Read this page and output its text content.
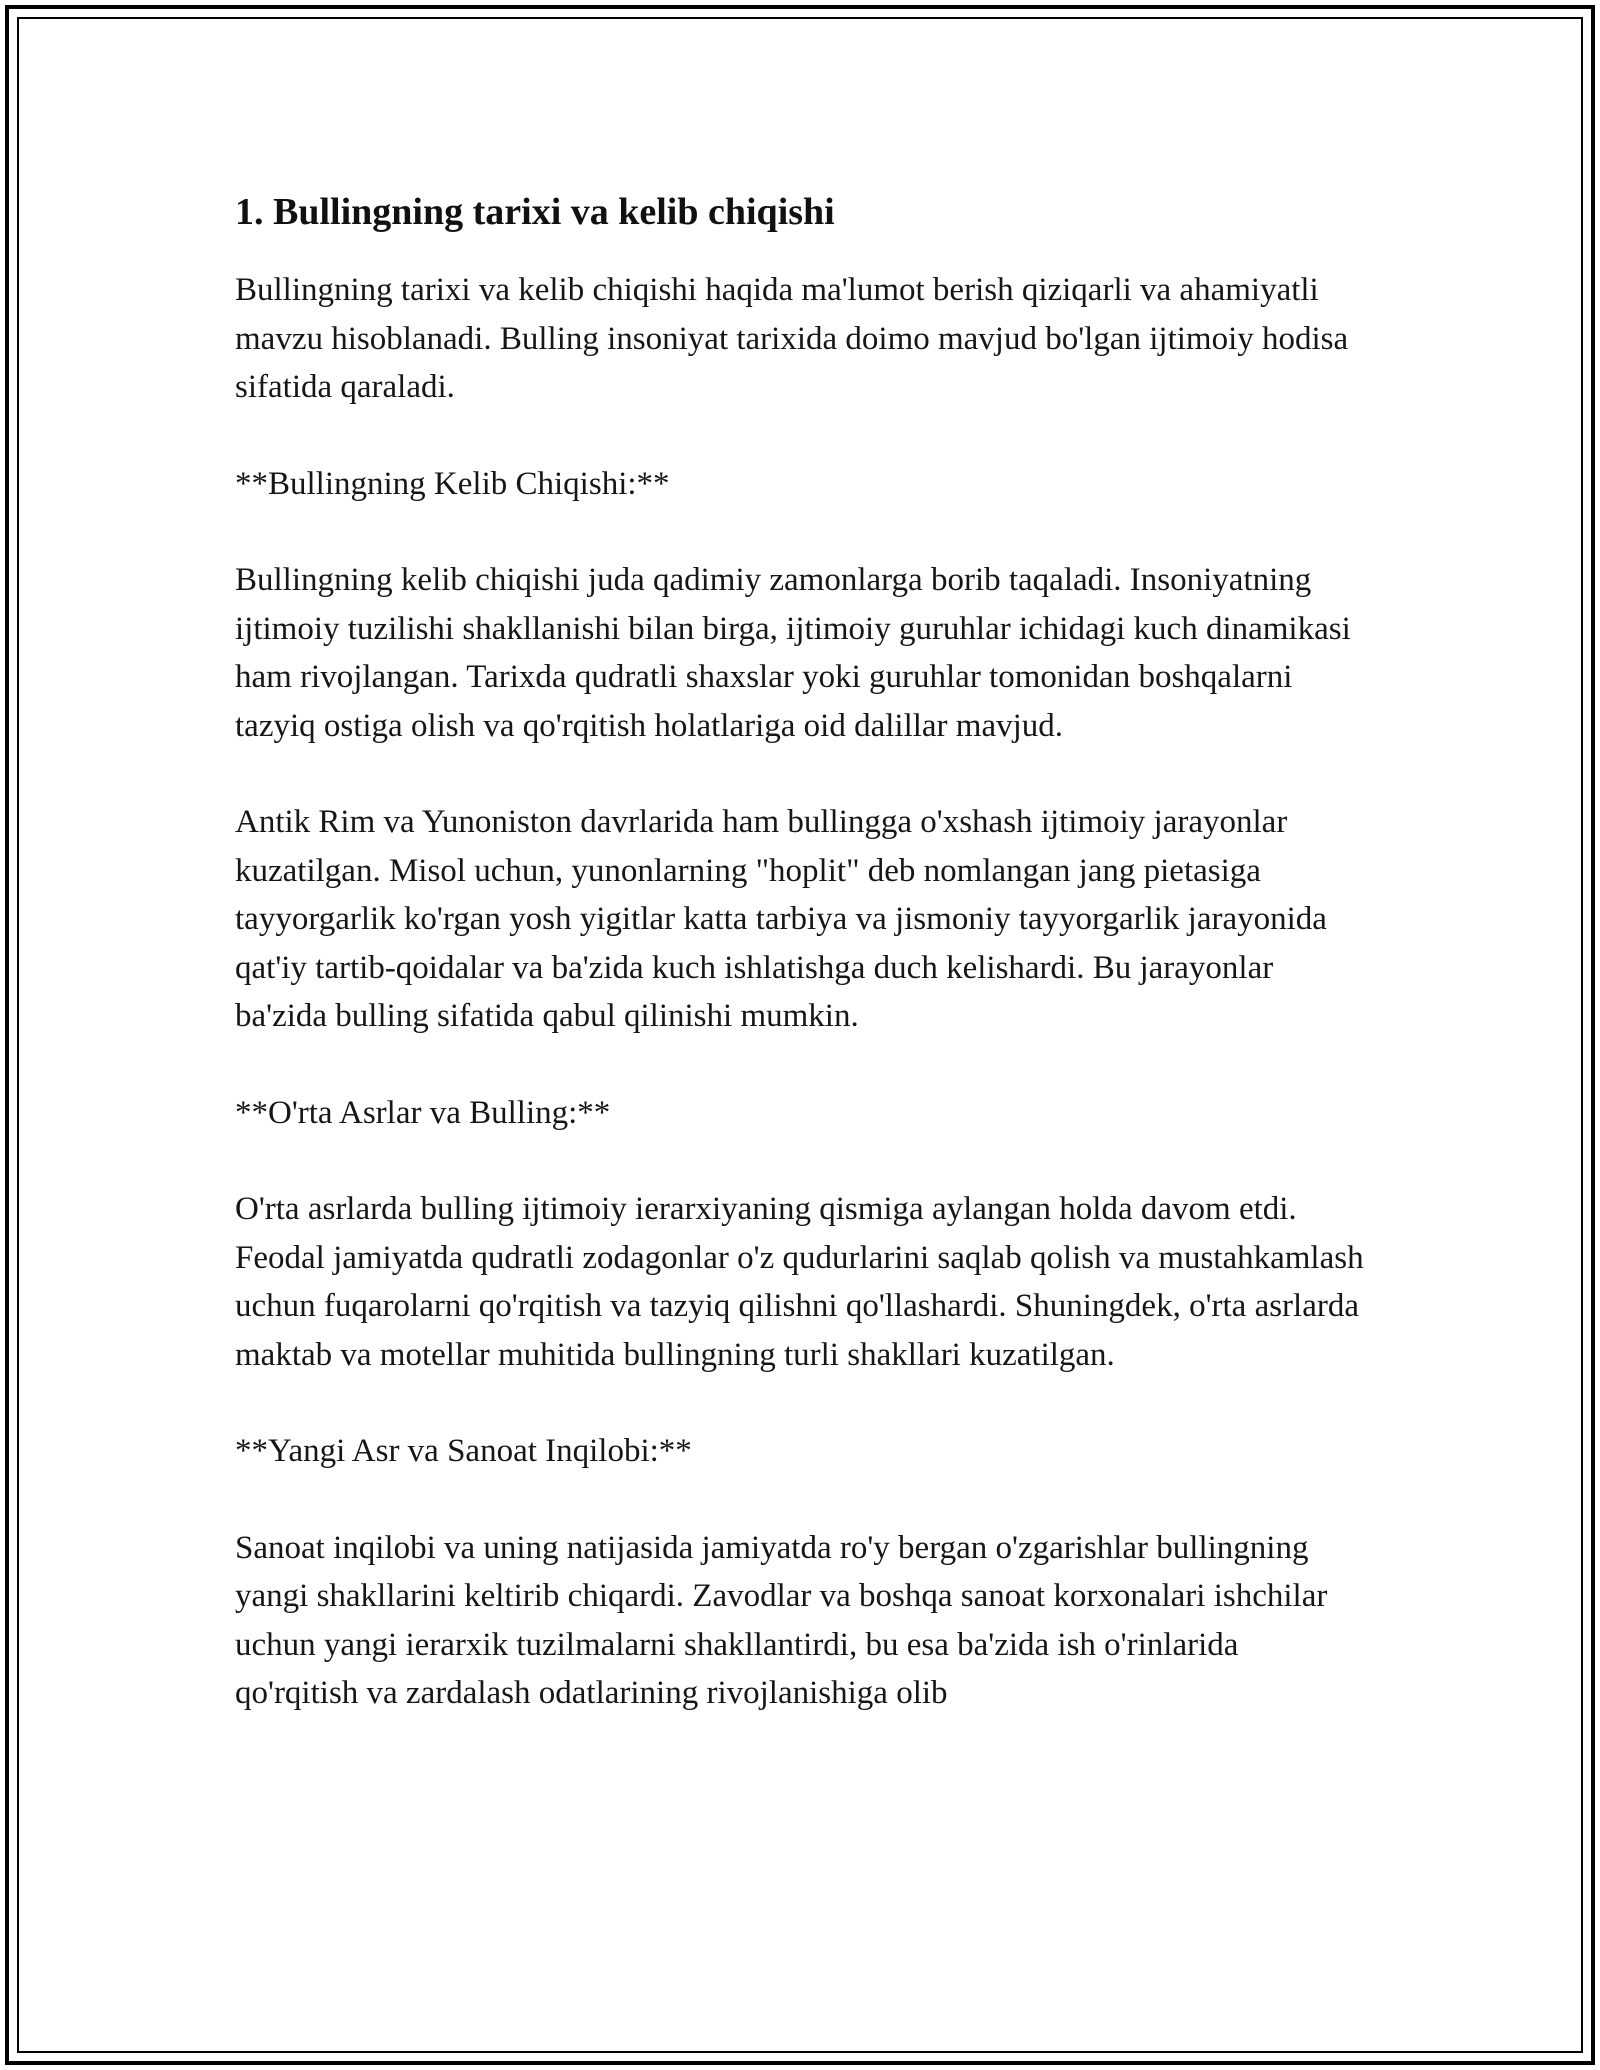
1. Bullingning tarixi va kelib chiqishi

Bullingning tarixi va kelib chiqishi haqida ma'lumot berish qiziqarli va ahamiyatli mavzu hisoblanadi. Bulling insoniyat tarixida doimo mavjud bo'lgan ijtimoiy hodisa sifatida qaraladi.

**Bullingning Kelib Chiqishi:**

Bullingning kelib chiqishi juda qadimiy zamonlarga borib taqaladi. Insoniyatning ijtimoiy tuzilishi shakllanishi bilan birga, ijtimoiy guruhlar ichidagi kuch dinamikasi ham rivojlangan. Tarixda qudratli shaxslar yoki guruhlar tomonidan boshqalarni tazyiq ostiga olish va qo'rqitish holatlariga oid dalillar mavjud.

Antik Rim va Yunoniston davrlarida ham bullingga o'xshash ijtimoiy jarayonlar kuzatilgan. Misol uchun, yunonlarning "hoplit" deb nomlangan jang pietasiga tayyorgarlik ko'rgan yosh yigitlar katta tarbiya va jismoniy tayyorgarlik jarayonida qat'iy tartib-qoidalar va ba'zida kuch ishlatishga duch kelishardi. Bu jarayonlar ba'zida bulling sifatida qabul qilinishi mumkin.

**O'rta Asrlar va Bulling:**

O'rta asrlarda bulling ijtimoiy ierarxiyaning qismiga aylangan holda davom etdi. Feodal jamiyatda qudratli zodagonlar o'z qudurlarini saqlab qolish va mustahkamlash uchun fuqarolarni qo'rqitish va tazyiq qilishni qo'llashardi. Shuningdek, o'rta asrlarda maktab va motellar muhitida bullingning turli shakllari kuzatilgan.

**Yangi Asr va Sanoat Inqilobi:**

Sanoat inqilobi va uning natijasida jamiyatda ro'y bergan o'zgarishlar bullingning yangi shakllarini keltirib chiqardi. Zavodlar va boshqa sanoat korxonalari ishchilar uchun yangi ierarxik tuzilmalarni shakllantirdi, bu esa ba'zida ish o'rinlarida qo'rqitish va zardalash odatlarining rivojlanishiga olib
